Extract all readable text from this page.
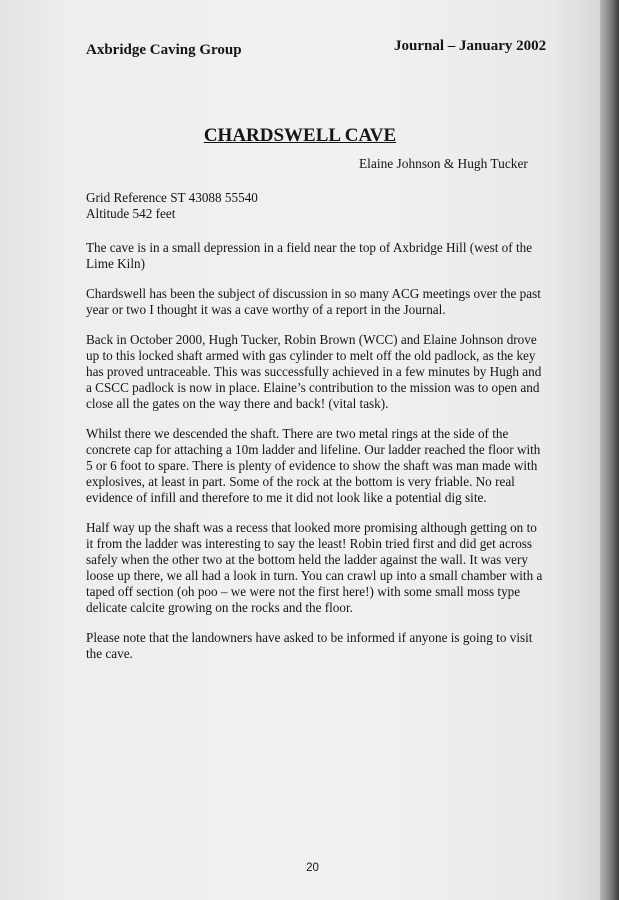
Axbridge Caving Group	Journal – January 2002
CHARDSWELL CAVE
Elaine Johnson & Hugh Tucker

Grid Reference ST 43088 55540
Altitude 542 feet

The cave is in a small depression in a field near the top of Axbridge Hill (west of the Lime Kiln)

Chardswell has been the subject of discussion in so many ACG meetings over the past year or two I thought it was a cave worthy of a report in the Journal.

Back in October 2000, Hugh Tucker, Robin Brown (WCC) and Elaine Johnson drove up to this locked shaft armed with gas cylinder to melt off the old padlock, as the key has proved untraceable. This was successfully achieved in a few minutes by Hugh and a CSCC padlock is now in place. Elaine’s contribution to the mission was to open and close all the gates on the way there and back! (vital task).

Whilst there we descended the shaft. There are two metal rings at the side of the concrete cap for attaching a 10m ladder and lifeline. Our ladder reached the floor with 5 or 6 foot to spare. There is plenty of evidence to show the shaft was man made with explosives, at least in part. Some of the rock at the bottom is very friable. No real evidence of infill and therefore to me it did not look like a potential dig site.

Half way up the shaft was a recess that looked more promising although getting on to it from the ladder was interesting to say the least! Robin tried first and did get across safely when the other two at the bottom held the ladder against the wall. It was very loose up there, we all had a look in turn. You can crawl up into a small chamber with a taped off section (oh poo – we were not the first here!) with some small moss type delicate calcite growing on the rocks and the floor.

Please note that the landowners have asked to be informed if anyone is going to visit the cave.

20
